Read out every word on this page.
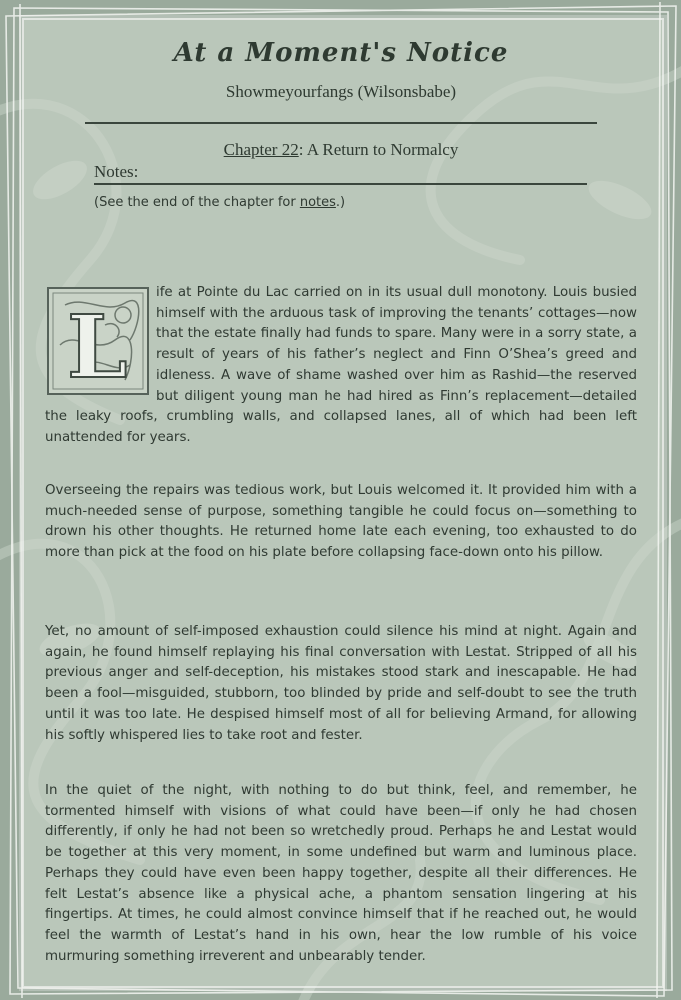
At a Moment's Notice
Showmeyourfangs (Wilsonsbabe)
Chapter 22: A Return to Normalcy
Notes:
(See the end of the chapter for notes.)

L
ife at Pointe du Lac carried on in its usual dull monotony. Louis busied himself with the arduous task of improving the tenants’ cottages—now that the estate finally had funds to spare. Many were in a sorry state, a result of years of his father’s neglect and Finn O’Shea’s greed and idleness. A wave of shame washed over him as Rashid—the reserved but diligent young man he had hired as Finn’s replacement—detailed the leaky roofs, crumbling walls, and collapsed lanes, all of which had been left unattended for years.

Overseeing the repairs was tedious work, but Louis welcomed it. It provided him with a much-needed sense of purpose, something tangible he could focus on—something to drown his other thoughts. He returned home late each evening, too exhausted to do more than pick at the food on his plate before collapsing face-down onto his pillow.

Yet, no amount of self-imposed exhaustion could silence his mind at night. Again and again, he found himself replaying his final conversation with Lestat. Stripped of all his previous anger and self-deception, his mistakes stood stark and inescapable. He had been a fool—misguided, stubborn, too blinded by pride and self-doubt to see the truth until it was too late. He despised himself most of all for believing Armand, for allowing his softly whispered lies to take root and fester.

In the quiet of the night, with nothing to do but think, feel, and remember, he tormented himself with visions of what could have been—if only he had chosen differently, if only he had not been so wretchedly proud. Perhaps he and Lestat would be together at this very moment, in some undefined but warm and luminous place. Perhaps they could have even been happy together, despite all their differences. He felt Lestat’s absence like a physical ache, a phantom sensation lingering at his fingertips. At times, he could almost convince himself that if he reached out, he would feel the warmth of Lestat’s hand in his own, hear the low rumble of his voice murmuring something irreverent and unbearably tender.
